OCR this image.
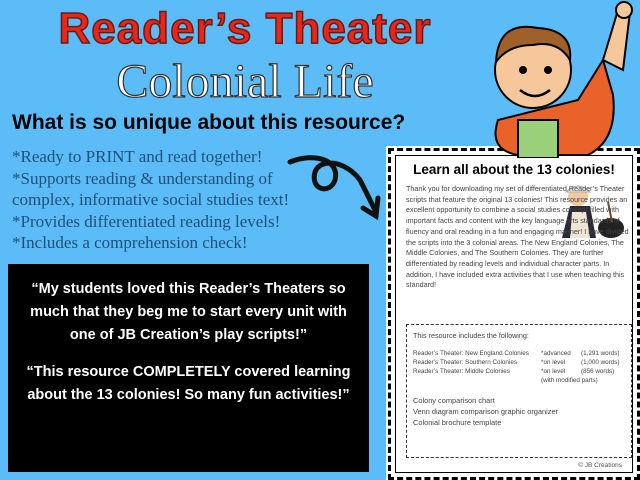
Reader’s Theater
Colonial Life
What is so unique about this resource?
*Ready to PRINT and read together!
*Supports reading & understanding of
complex, informative social studies text!
*Provides differentiated reading levels!
*Includes a comprehension check!

“My students loved this Reader’s Theaters so much that they beg me to start every unit with one of JB Creation’s play scripts!”

“This resource COMPLETELY covered learning about the 13 colonies! So many fun activities!”

Learn all about the 13 colonies!
Thank you for downloading my set of differentiated Reader’s Theater scripts that feature the original 13 colonies! This resource provides an excellent opportunity to combine a social studies concept filled with important facts and content with the key language arts standards of fluency and oral reading in a fun and engaging manner! I have divided the scripts into the 3 colonial areas. The New England Colonies, The Middle Colonies, and The Southern Colonies. They are further differentiated by reading levels and individual character parts. In addition, I have included extra activities that I use when teaching this standard!
This resource includes the following:
Reader’s Theater: New England Colonies	*advanced	(1,291 words)
Reader’s Theater: Southern Colonies	*on level	(1,000 words)
Reader’s Theater: Middle Colonies	*on level	(856 words)
(with modified parts)
Colony comparison chart
Venn diagram comparison graphic organizer
Colonial brochure template
© JB Creations
